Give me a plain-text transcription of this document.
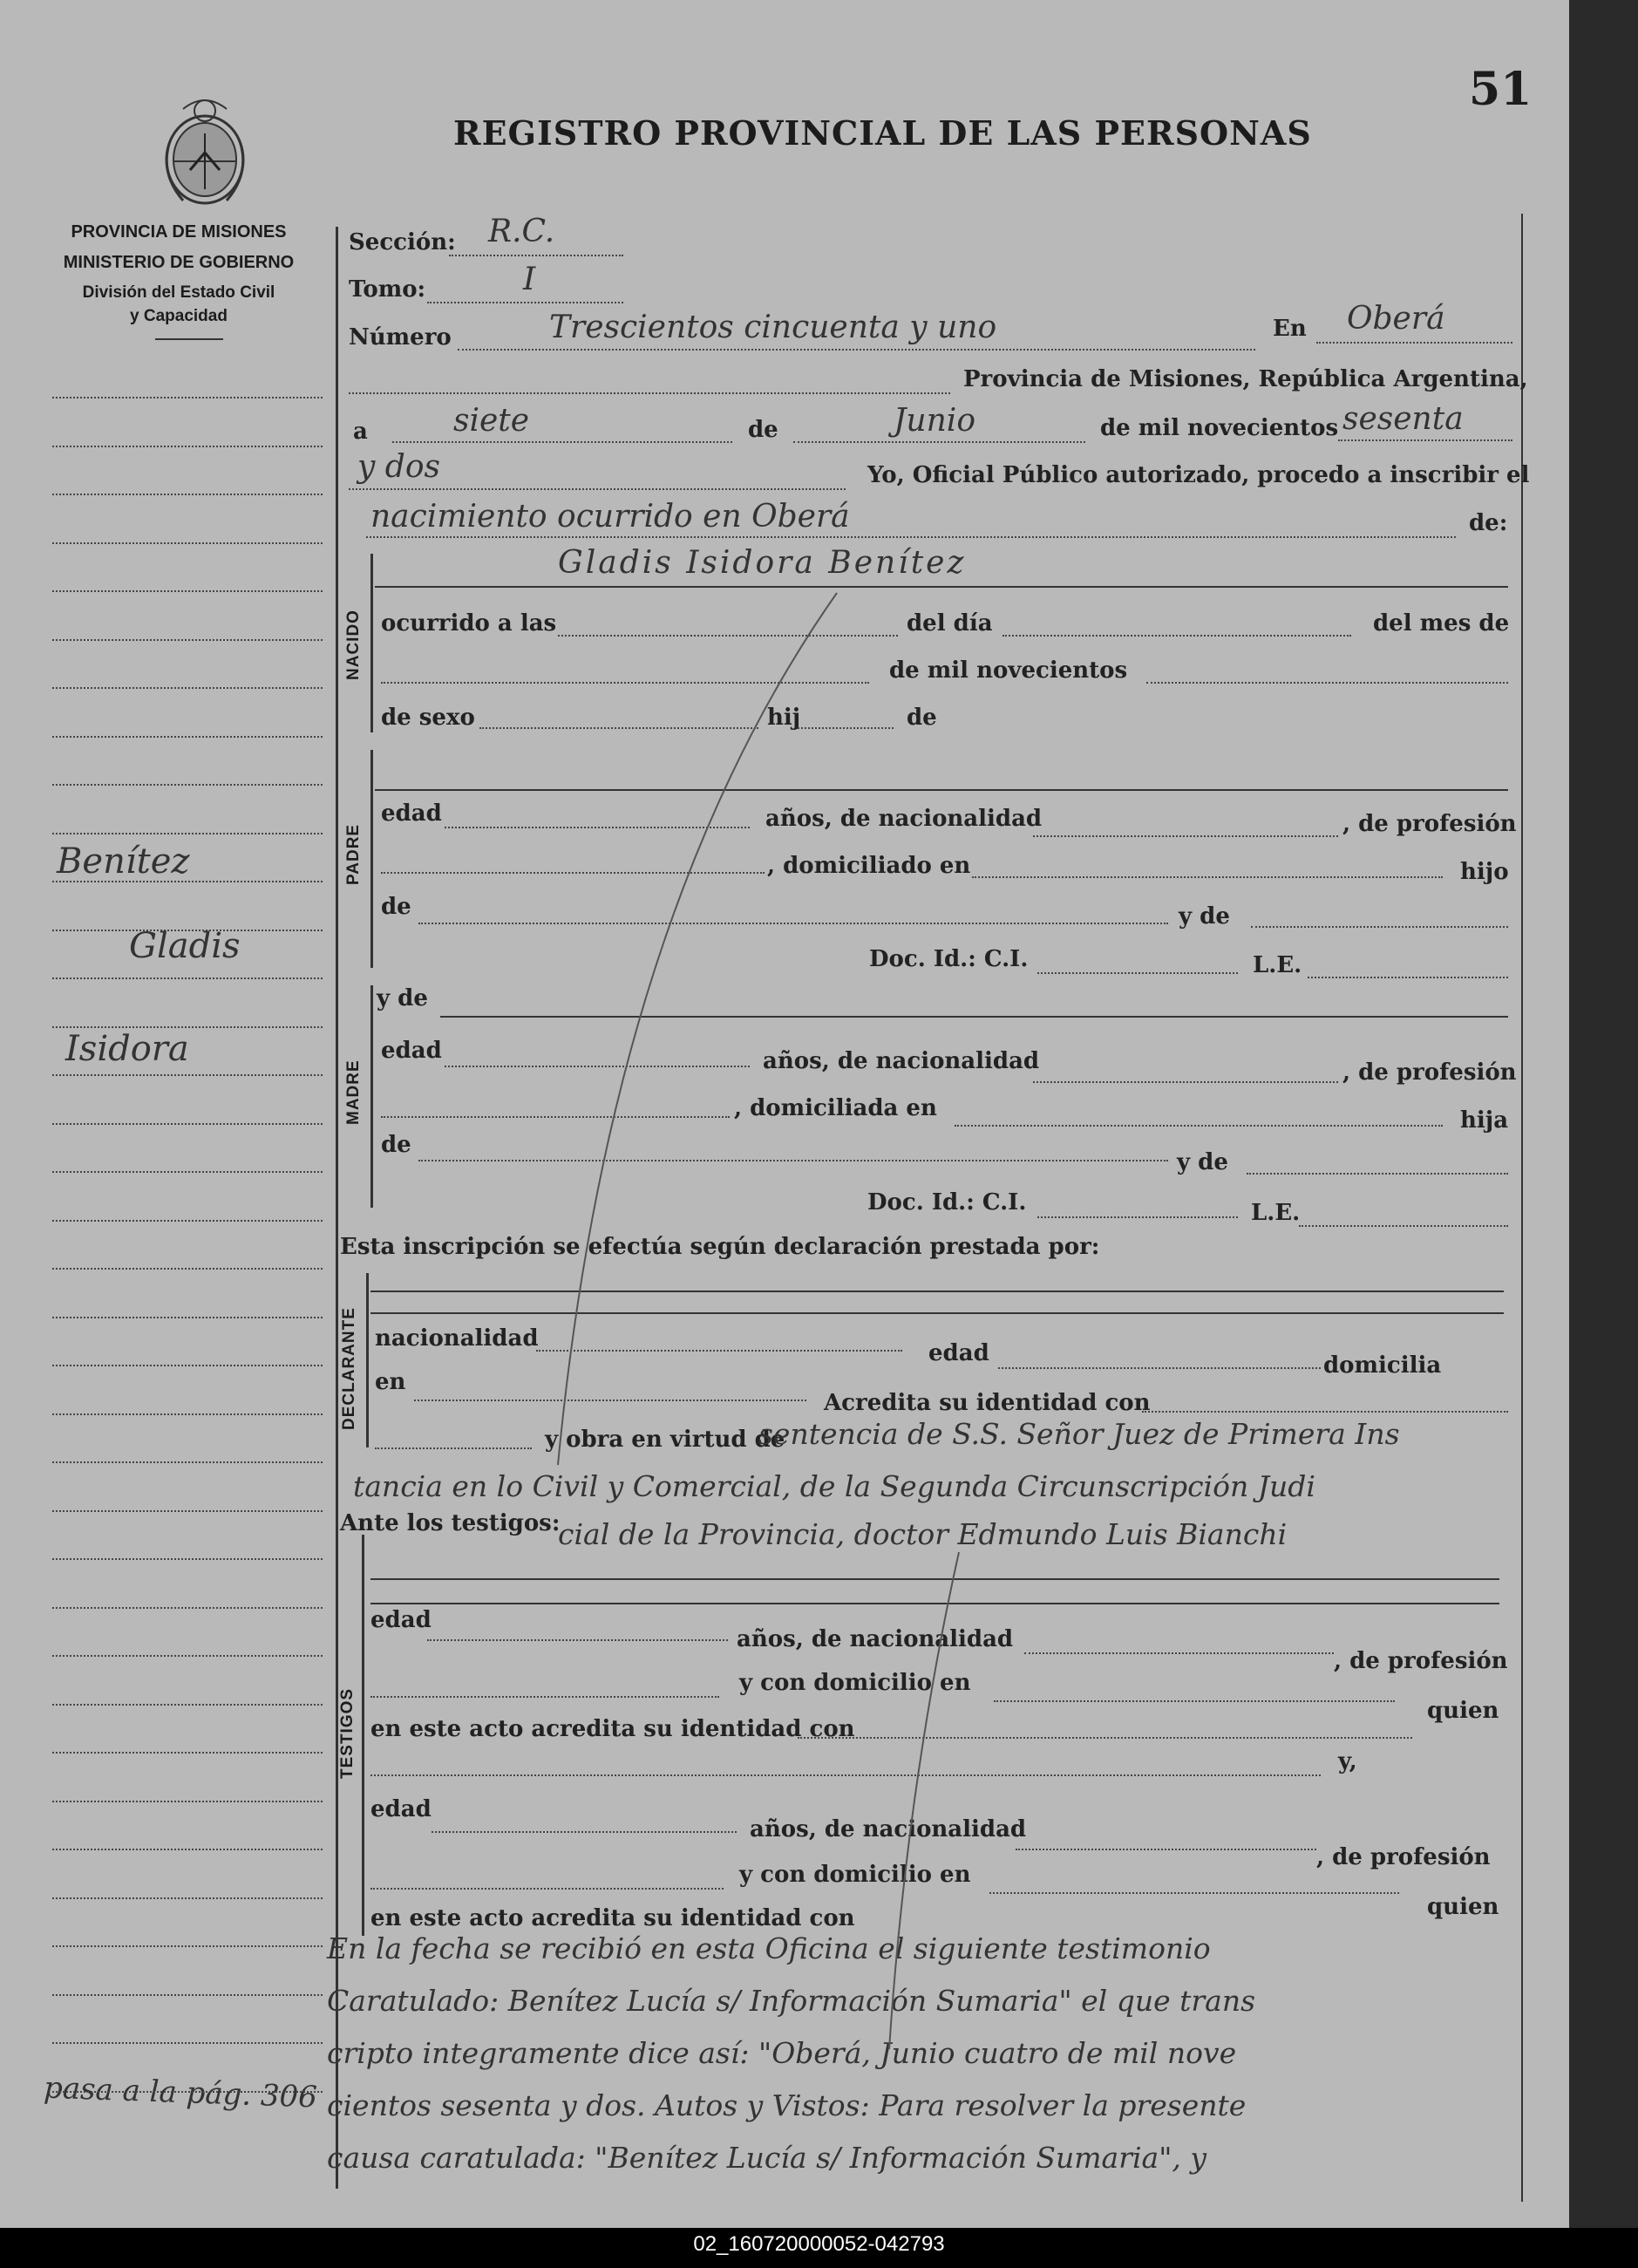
51
REGISTRO PROVINCIAL DE LAS PERSONAS
PROVINCIA DE MISIONES
MINISTERIO DE GOBIERNO
División del Estado Civil
y Capacidad
Benítez
Gladis
Isidora
pasa a la pág. 306
Sección: R.C.
Tomo:	I
Número	Trescientos cincuenta y uno	En Oberá
Provincia de Misiones, República Argentina,
a	siete	de	Junio	de mil novecientos sesenta
y dos	Yo, Oficial Público autorizado, procedo a inscribir el
nacimiento ocurrido en Oberá	de:
NACIDO
Gladis Isidora Benítez
ocurrido a las	del día	del mes de
de mil novecientos
de sexo	hij	de
PADRE
edad	años, de nacionalidad	, de profesión
, domiciliado en	hijo
de	y de
Doc. Id.: C.I.	L.E.
MADRE
y de
edad	años, de nacionalidad	, de profesión
, domiciliada en	hija
de
y de
Doc. Id.: C.I.	L.E.
Esta inscripción se efectúa según declaración prestada por:
DECLARANTE nacionalidad
edad	domicilia
en
Acredita su identidad con
y obra en virtud de
sentencia de S.S. Señor Juez de Primera Ins
tancia en lo Civil y Comercial, de la Segunda Circunscripción Judi
Ante los testigos:
cial de la Provincia, doctor Edmundo Luis Bianchi
TESTIGOS
edad
años, de nacionalidad
, de profesión
y con domicilio en
quien
en este acto acredita su identidad con
y,
edad
años, de nacionalidad
, de profesión
y con domicilio en
quien
en este acto acredita su identidad con
En la fecha se recibió en esta Oficina el siguiente testimonio
Caratulado: Benítez Lucía s/ Información Sumaria" el que trans
cripto integramente dice así: "Oberá, Junio cuatro de mil nove
cientos sesenta y dos. Autos y Vistos: Para resolver la presente
causa caratulada: "Benítez Lucía s/ Información Sumaria", y
02_160720000052-042793
